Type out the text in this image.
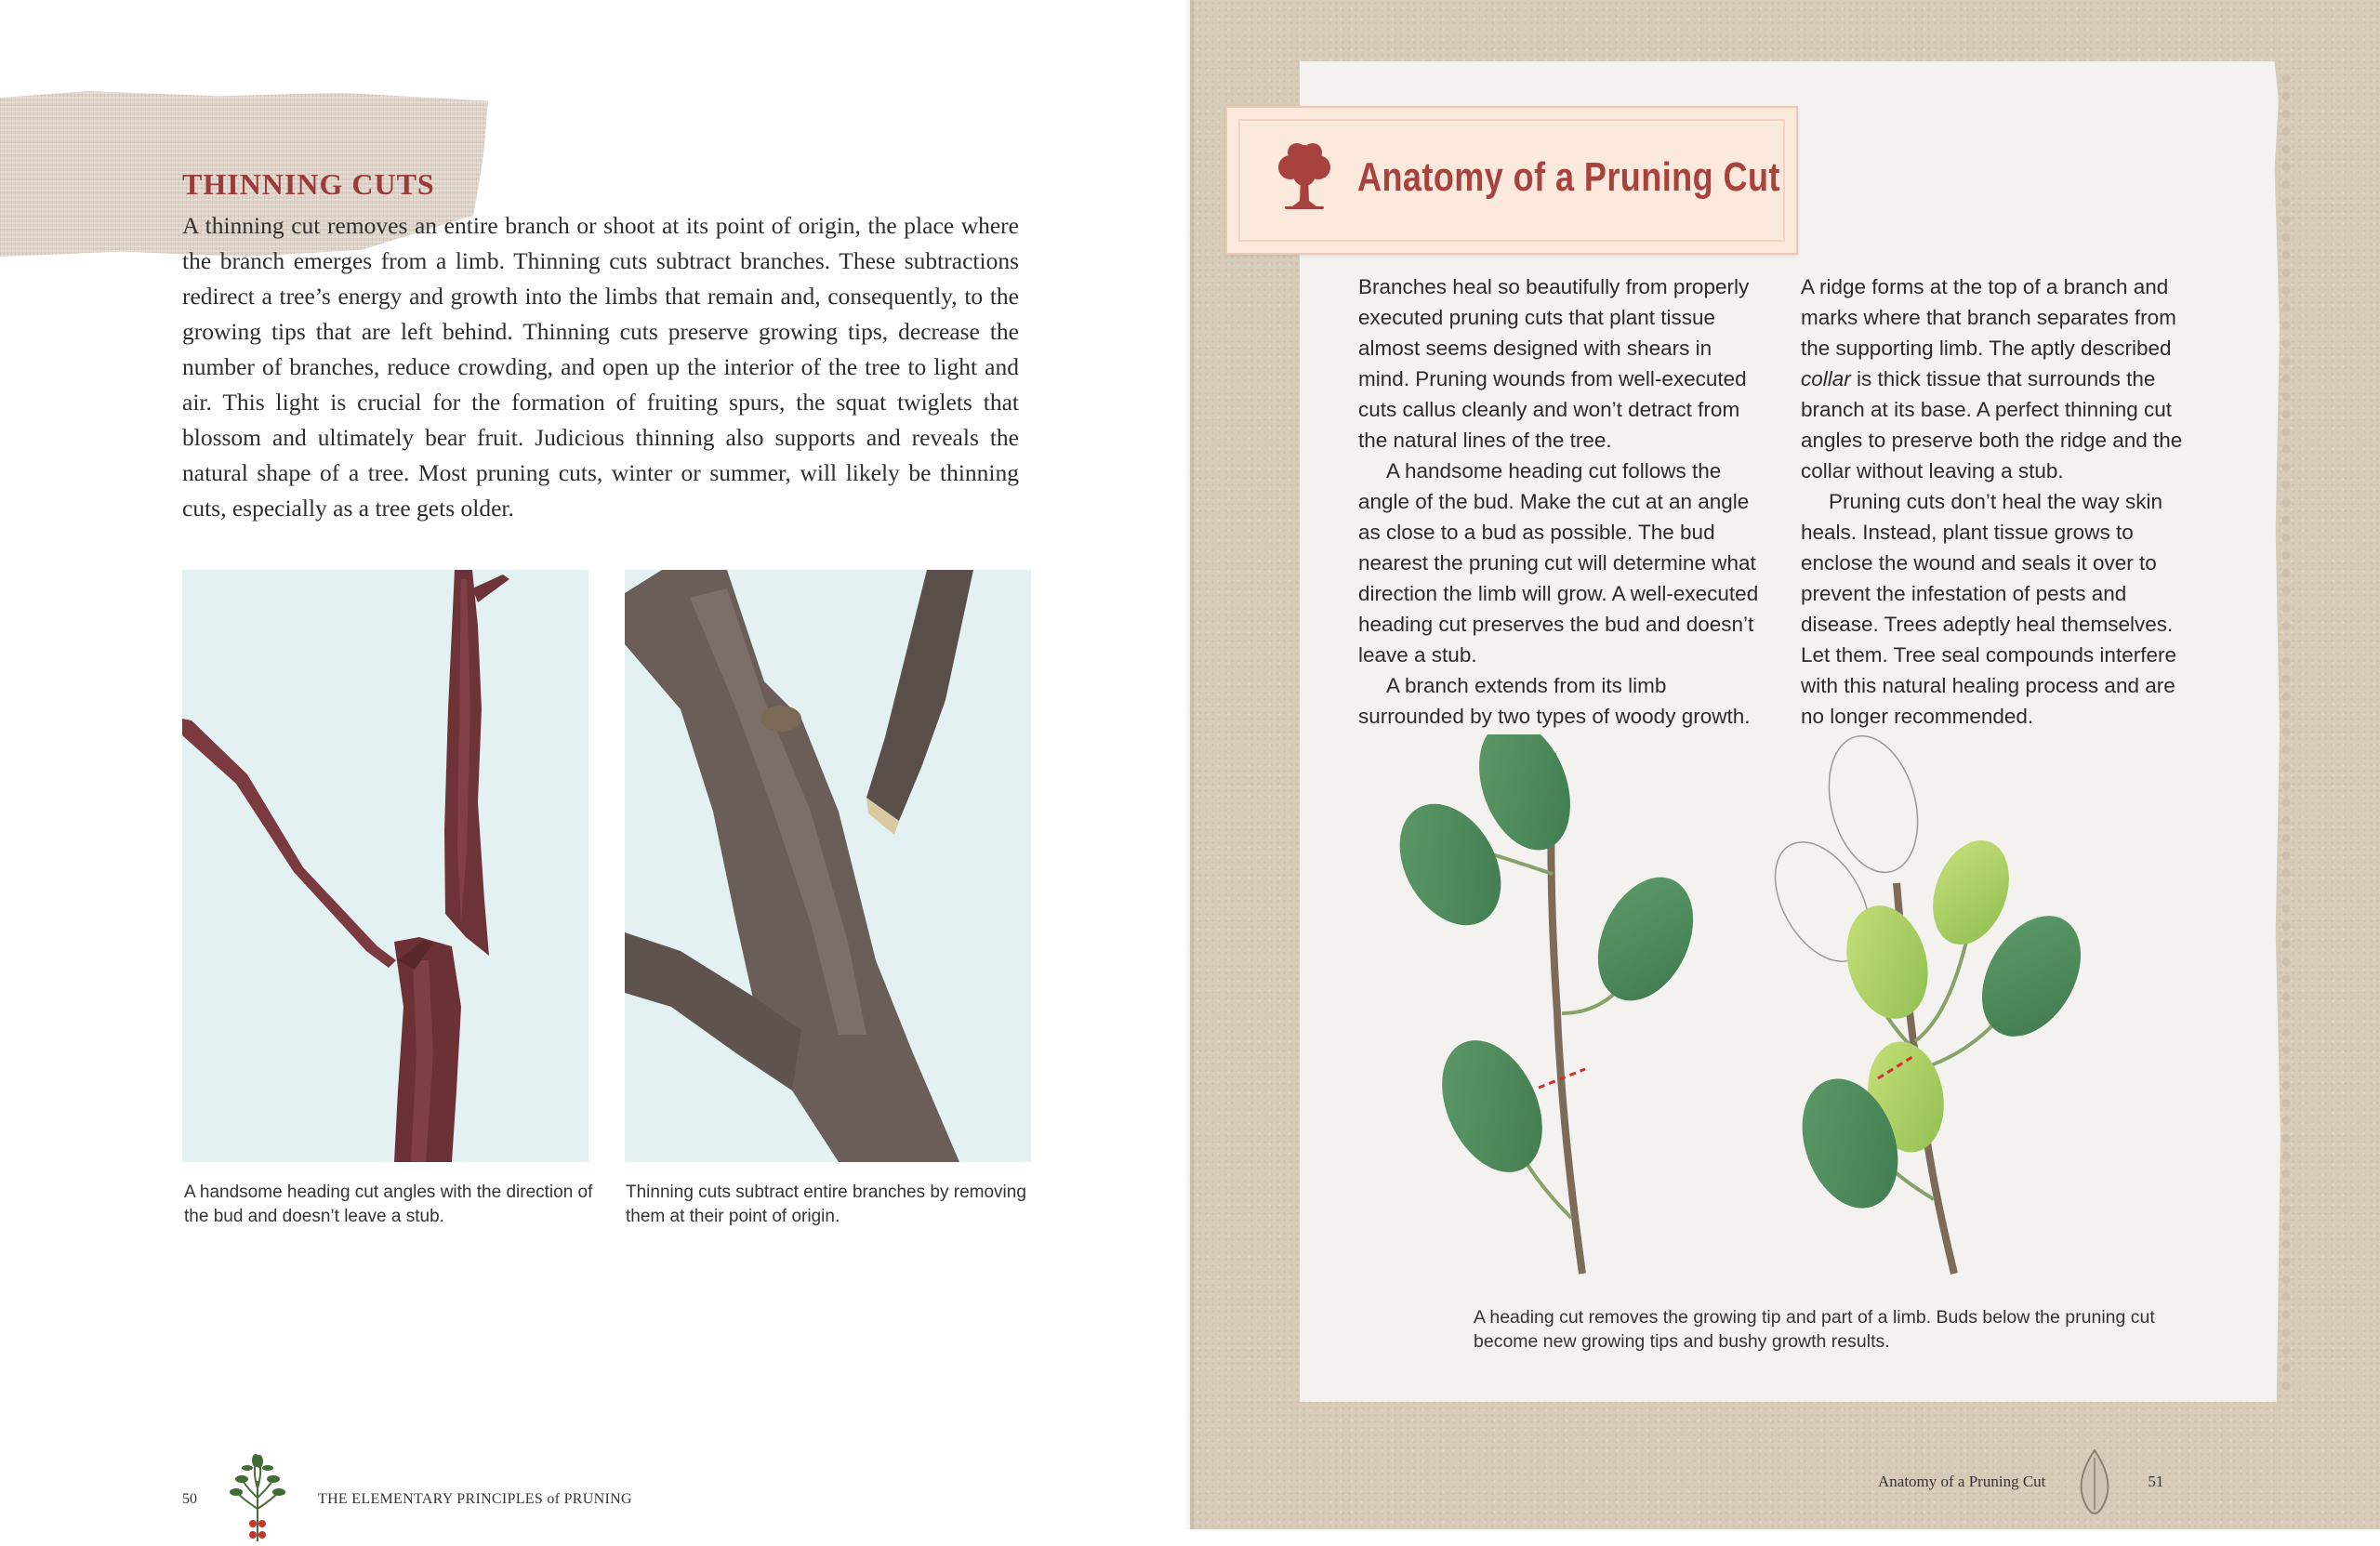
THINNING CUTS

A thinning cut removes an entire branch or shoot at its point of origin, the place where the branch emerges from a limb. Thinning cuts subtract branches. These subtractions redirect a tree’s energy and growth into the limbs that remain and, consequently, to the growing tips that are left behind. Thinning cuts preserve growing tips, decrease the number of branches, reduce crowding, and open up the interior of the tree to light and air. This light is crucial for the formation of fruiting spurs, the squat twiglets that blossom and ultimately bear fruit. Judicious thinning also supports and reveals the natural shape of a tree. Most pruning cuts, winter or summer, will likely be thinning cuts, especially as a tree gets older.

A handsome heading cut angles with the direction of the bud and doesn’t leave a stub.

Thinning cuts subtract entire branches by removing them at their point of origin.

50	THE ELEMENTARY PRINCIPLES of PRUNING
Anatomy of a Pruning Cut

Branches heal so beautifully from properly executed pruning cuts that plant tissue almost seems designed with shears in mind. Pruning wounds from well-executed cuts callus cleanly and won’t detract from the natural lines of the tree.

A handsome heading cut follows the angle of the bud. Make the cut at an angle as close to a bud as possible. The bud nearest the pruning cut will determine what direction the limb will grow. A well-executed heading cut preserves the bud and doesn’t leave a stub.

A branch extends from its limb surrounded by two types of woody growth.

A ridge forms at the top of a branch and marks where that branch separates from the supporting limb. The aptly described collar is thick tissue that surrounds the branch at its base. A perfect thinning cut angles to preserve both the ridge and the collar without leaving a stub.

Pruning cuts don’t heal the way skin heals. Instead, plant tissue grows to enclose the wound and seals it over to prevent the infestation of pests and disease. Trees adeptly heal themselves. Let them. Tree seal compounds interfere with this natural healing process and are no longer recommended.

A heading cut removes the growing tip and part of a limb. Buds below the pruning cut become new growing tips and bushy growth results.

Anatomy of a Pruning Cut	51
